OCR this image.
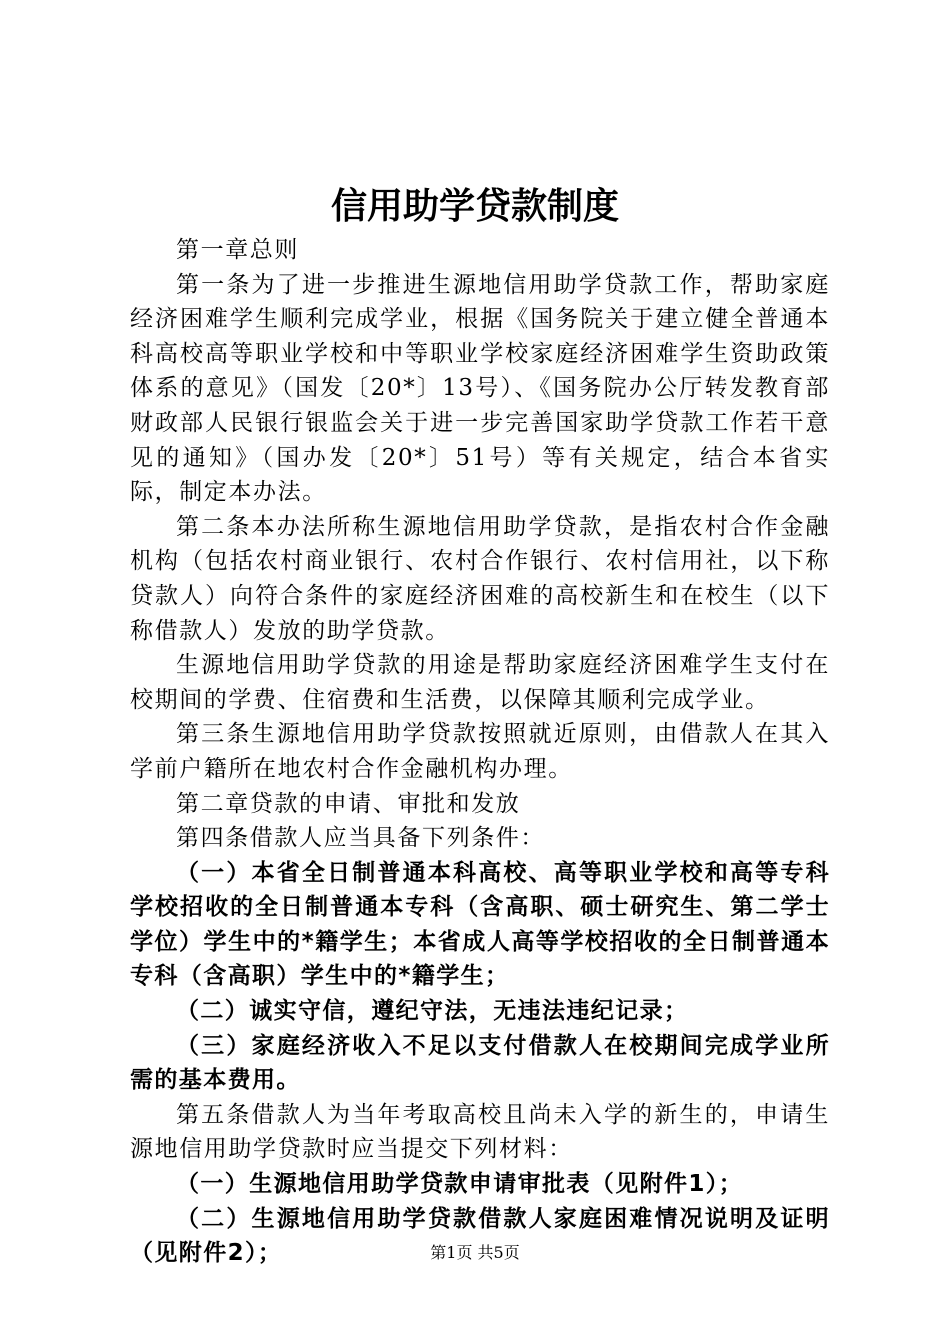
信用助学贷款制度

第一章总则

第一条为了进一步推进生源地信用助学贷款工作，帮助家庭经济困难学生顺利完成学业，根据《国务院关于建立健全普通本科高校高等职业学校和中等职业学校家庭经济困难学生资助政策体系的意见》（国发〔20*〕13号）、《国务院办公厅转发教育部财政部人民银行银监会关于进一步完善国家助学贷款工作若干意见的通知》（国办发〔20*〕51号）等有关规定，结合本省实际，制定本办法。

第二条本办法所称生源地信用助学贷款，是指农村合作金融机构（包括农村商业银行、农村合作银行、农村信用社，以下称贷款人）向符合条件的家庭经济困难的高校新生和在校生（以下称借款人）发放的助学贷款。

生源地信用助学贷款的用途是帮助家庭经济困难学生支付在校期间的学费、住宿费和生活费，以保障其顺利完成学业。

第三条生源地信用助学贷款按照就近原则，由借款人在其入学前户籍所在地农村合作金融机构办理。

第二章贷款的申请、审批和发放

第四条借款人应当具备下列条件：

（一）本省全日制普通本科高校、高等职业学校和高等专科学校招收的全日制普通本专科（含高职、硕士研究生、第二学士学位）学生中的*籍学生；本省成人高等学校招收的全日制普通本专科（含高职）学生中的*籍学生；

（二）诚实守信，遵纪守法，无违法违纪记录；

（三）家庭经济收入不足以支付借款人在校期间完成学业所需的基本费用。

第五条借款人为当年考取高校且尚未入学的新生的，申请生源地信用助学贷款时应当提交下列材料：

（一）生源地信用助学贷款申请审批表（见附件1）；

（二）生源地信用助学贷款借款人家庭困难情况说明及证明（见附件2）；	第1页 共5页
